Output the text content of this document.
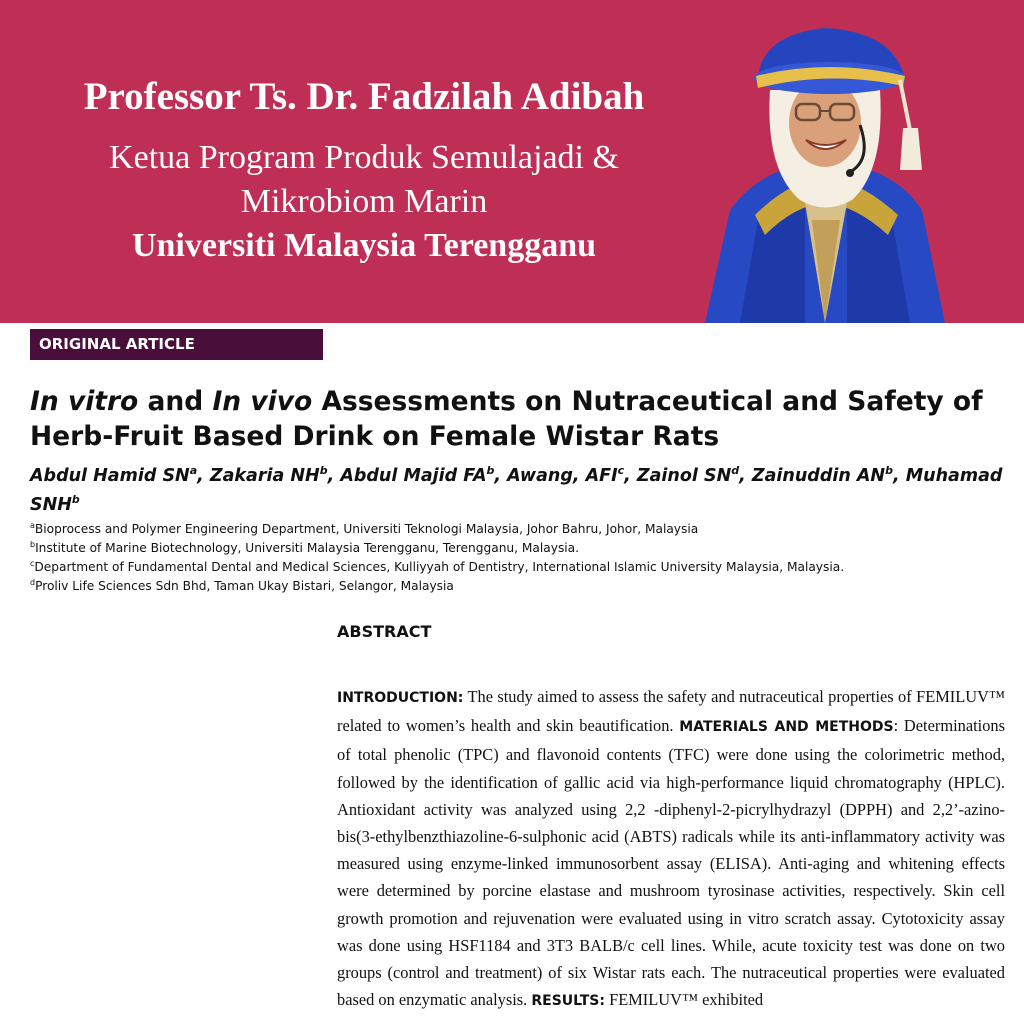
Professor Ts. Dr. Fadzilah Adibah
Ketua Program Produk Semulajadi &
Mikrobiom Marin
Universiti Malaysia Terengganu
ORIGINAL ARTICLE
In vitro and In vivo Assessments on Nutraceutical and Safety of Herb-Fruit Based Drink on Female Wistar Rats
Abdul Hamid $SN^a$, Zakaria $NH^b$, Abdul Majid $FA^b$, Awang, AFI$^c$, Zainol $SN^d$, Zainuddin $AN^b$, Muhamad SNH$^b$
$^a$Bioprocess and Polymer Engineering Department, Universiti Teknologi Malaysia, Johor Bahru, Johor, Malaysia
$^b$Institute of Marine Biotechnology, Universiti Malaysia Terengganu, Terengganu, Malaysia.
$^c$Department of Fundamental Dental and Medical Sciences, Kulliyyah of Dentistry, International Islamic University Malaysia, Malaysia.
$^d$Proliv Life Sciences Sdn Bhd, Taman Ukay Bistari, Selangor, Malaysia
ABSTRACT
INTRODUCTION: The study aimed to assess the safety and nutraceutical properties of FEMILUV™ related to women’s health and skin beautification. MATERIALS AND METHODS: Determinations of total phenolic (TPC) and flavonoid contents (TFC) were done using the colorimetric method, followed by the identification of gallic acid via high-performance liquid chromatography (HPLC). Antioxidant activity was analyzed using 2,2 -diphenyl-2-picrylhydrazyl (DPPH) and 2,2’-azino-bis(3-ethylbenzthiazoline-6-sulphonic acid (ABTS) radicals while its anti-inflammatory activity was measured using enzyme-linked immunosorbent assay (ELISA). Anti-aging and whitening effects were determined by porcine elastase and mushroom tyrosinase activities, respectively. Skin cell growth promotion and rejuvenation were evaluated using in vitro scratch assay. Cytotoxicity assay was done using HSF1184 and 3T3 BALB/c cell lines. While, acute toxicity test was done on two groups (control and treatment) of six Wistar rats each. The nutraceutical properties were evaluated based on enzymatic analysis. RESULTS: FEMILUV™ exhibited
